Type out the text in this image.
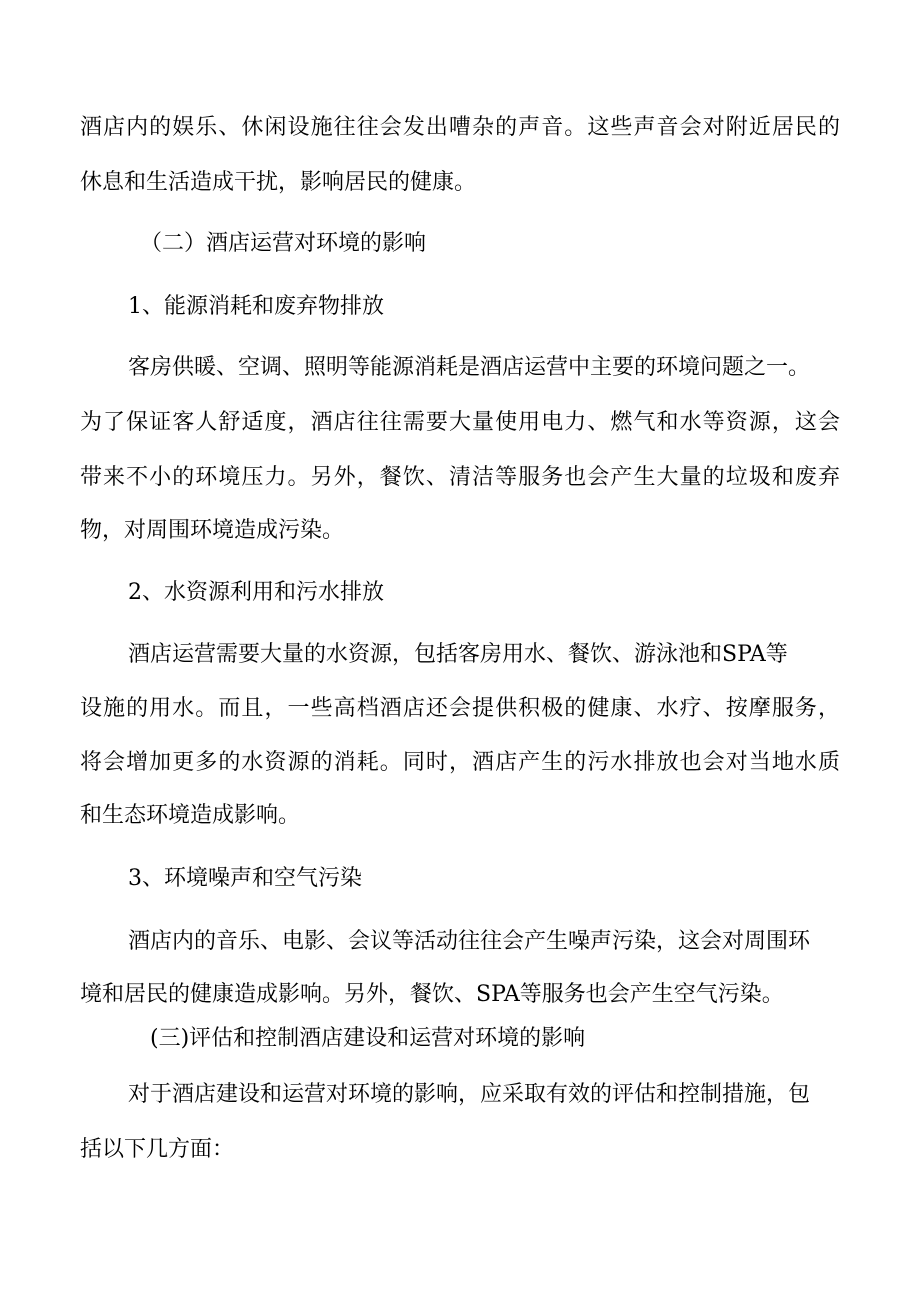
酒店内的娱乐、休闲设施往往会发出嘈杂的声音。这些声音会对附近居民的
休息和生活造成干扰，影响居民的健康。
（二）酒店运营对环境的影响
1、能源消耗和废弃物排放
客房供暖、空调、照明等能源消耗是酒店运营中主要的环境问题之一。
为了保证客人舒适度，酒店往往需要大量使用电力、燃气和水等资源，这会
带来不小的环境压力。另外，餐饮、清洁等服务也会产生大量的垃圾和废弃
物，对周围环境造成污染。
2、水资源利用和污水排放
酒店运营需要大量的水资源，包括客房用水、餐饮、游泳池和SPA等
设施的用水。而且，一些高档酒店还会提供积极的健康、水疗、按摩服务，
将会增加更多的水资源的消耗。同时，酒店产生的污水排放也会对当地水质
和生态环境造成影响。
3、环境噪声和空气污染
酒店内的音乐、电影、会议等活动往往会产生噪声污染，这会对周围环
境和居民的健康造成影响。另外，餐饮、SPA等服务也会产生空气污染。
(三)评估和控制酒店建设和运营对环境的影响
对于酒店建设和运营对环境的影响，应采取有效的评估和控制措施，包
括以下几方面：
